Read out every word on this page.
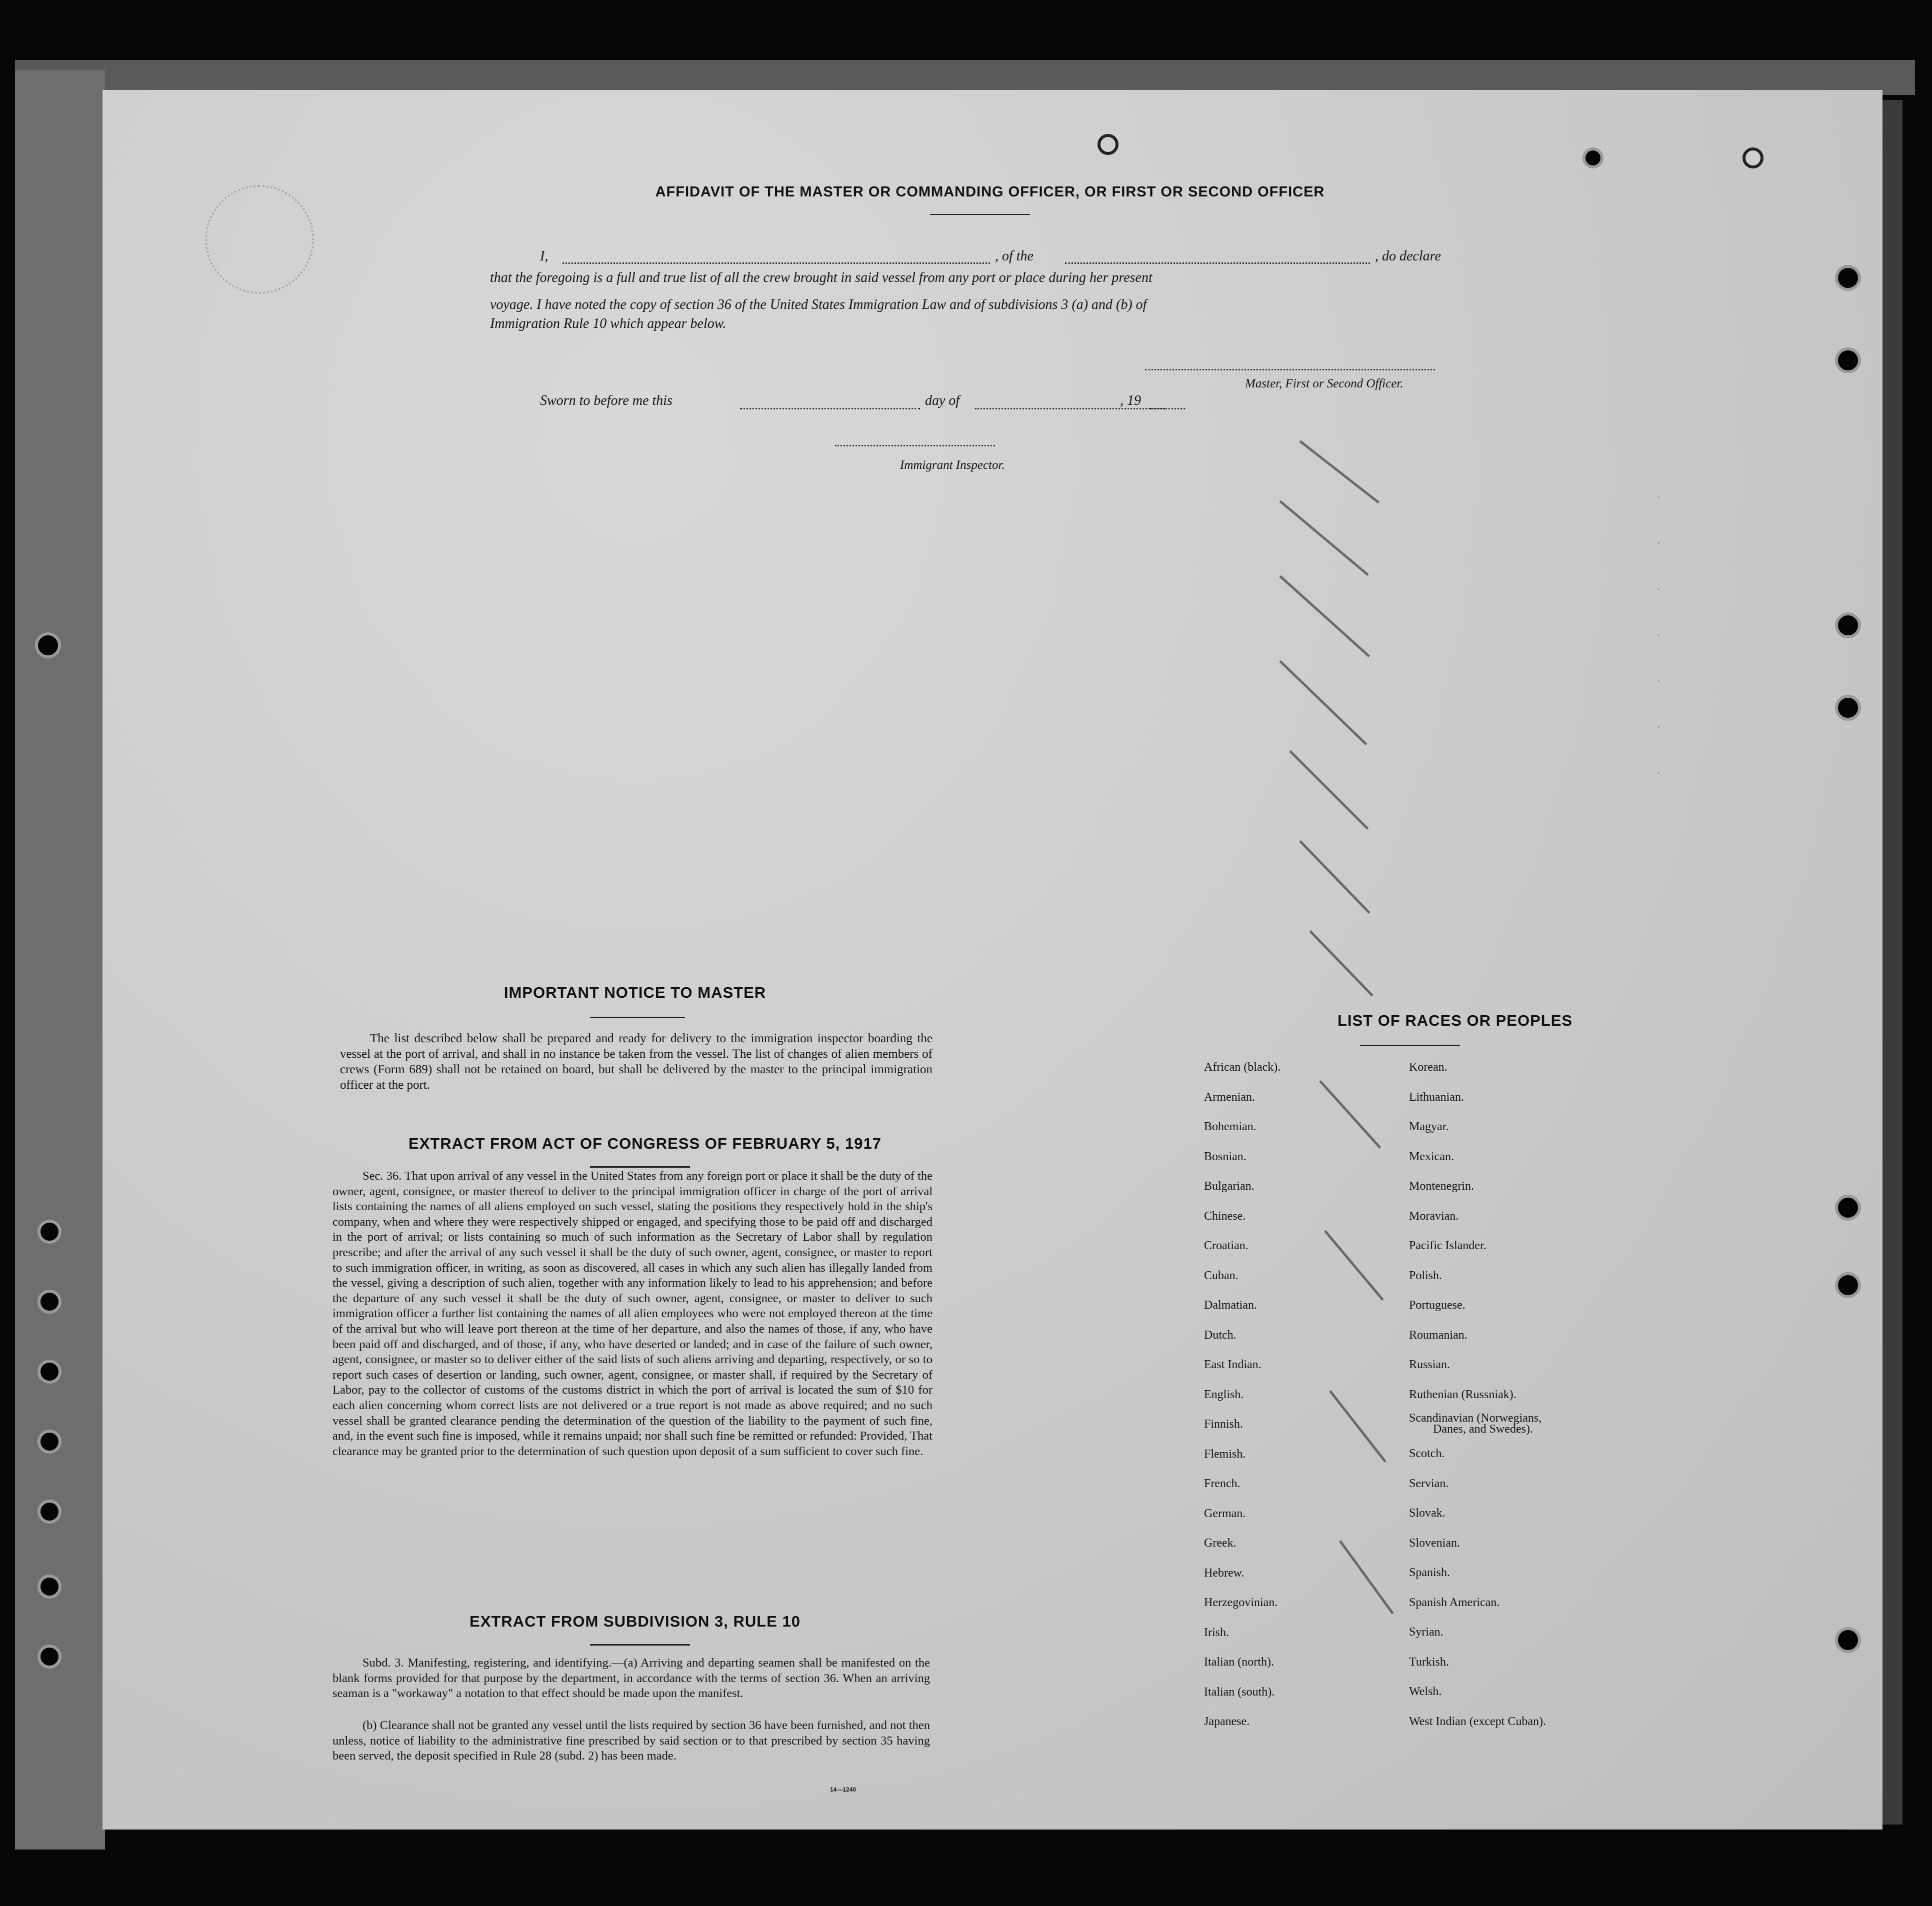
·
·
·
·
·
·
·
AFFIDAVIT OF THE MASTER OR COMMANDING OFFICER, OR FIRST OR SECOND OFFICER
I,	, of the	, do declare
that the foregoing is a full and true list of all the crew brought in said vessel from any port or place during her present
voyage. I have noted the copy of section 36 of the United States Immigration Law and of subdivisions 3 (a) and (b) of
Immigration Rule 10 which appear below.
Master, First or Second Officer.
Sworn to before me this	day of	, 19
Immigrant Inspector.
IMPORTANT NOTICE TO MASTER
The list described below shall be prepared and ready for delivery to the immigration inspector boarding the vessel at the port of arrival, and shall in no instance be taken from the vessel. The list of changes of alien members of crews (Form 689) shall not be retained on board, but shall be delivered by the master to the principal immigration officer at the port.
EXTRACT FROM ACT OF CONGRESS OF FEBRUARY 5, 1917
Sec. 36. That upon arrival of any vessel in the United States from any foreign port or place it shall be the duty of the owner, agent, consignee, or master thereof to deliver to the principal immigration officer in charge of the port of arrival lists containing the names of all aliens employed on such vessel, stating the positions they respectively hold in the ship's company, when and where they were respectively shipped or engaged, and specifying those to be paid off and discharged in the port of arrival; or lists containing so much of such information as the Secretary of Labor shall by regulation prescribe; and after the arrival of any such vessel it shall be the duty of such owner, agent, consignee, or master to report to such immigration officer, in writing, as soon as discovered, all cases in which any such alien has illegally landed from the vessel, giving a description of such alien, together with any information likely to lead to his apprehension; and before the departure of any such vessel it shall be the duty of such owner, agent, consignee, or master to deliver to such immigration officer a further list containing the names of all alien employees who were not employed thereon at the time of the arrival but who will leave port thereon at the time of her departure, and also the names of those, if any, who have been paid off and discharged, and of those, if any, who have deserted or landed; and in case of the failure of such owner, agent, consignee, or master so to deliver either of the said lists of such aliens arriving and departing, respectively, or so to report such cases of desertion or landing, such owner, agent, consignee, or master shall, if required by the Secretary of Labor, pay to the collector of customs of the customs district in which the port of arrival is located the sum of $10 for each alien concerning whom correct lists are not delivered or a true report is not made as above required; and no such vessel shall be granted clearance pending the determination of the question of the liability to the payment of such fine, and, in the event such fine is imposed, while it remains unpaid; nor shall such fine be remitted or refunded: Provided, That clearance may be granted prior to the determination of such question upon deposit of a sum sufficient to cover such fine.
EXTRACT FROM SUBDIVISION 3, RULE 10
Subd. 3. Manifesting, registering, and identifying.—(a) Arriving and departing seamen shall be manifested on the blank forms provided for that purpose by the department, in accordance with the terms of section 36. When an arriving seaman is a "workaway" a notation to that effect should be made upon the manifest.
(b) Clearance shall not be granted any vessel until the lists required by section 36 have been furnished, and not then unless, notice of liability to the administrative fine prescribed by said section or to that prescribed by section 35 having been served, the deposit specified in Rule 28 (subd. 2) has been made.
14—1240
LIST OF RACES OR PEOPLES
African (black).
Armenian.
Bohemian.
Bosnian.
Bulgarian.
Chinese.
Croatian.
Cuban.
Dalmatian.
Dutch.
East Indian.
English.
Finnish.
Flemish.
French.
German.
Greek.
Hebrew.
Herzegovinian.
Irish.
Italian (north).
Italian (south).
Japanese.
Korean.
Lithuanian.
Magyar.
Mexican.
Montenegrin.
Moravian.
Pacific Islander.
Polish.
Portuguese.
Roumanian.
Russian.
Ruthenian (Russniak).
Scandinavian (Norwegians,
Danes, and Swedes).
Scotch.
Servian.
Slovak.
Slovenian.
Spanish.
Spanish American.
Syrian.
Turkish.
Welsh.
West Indian (except Cuban).
